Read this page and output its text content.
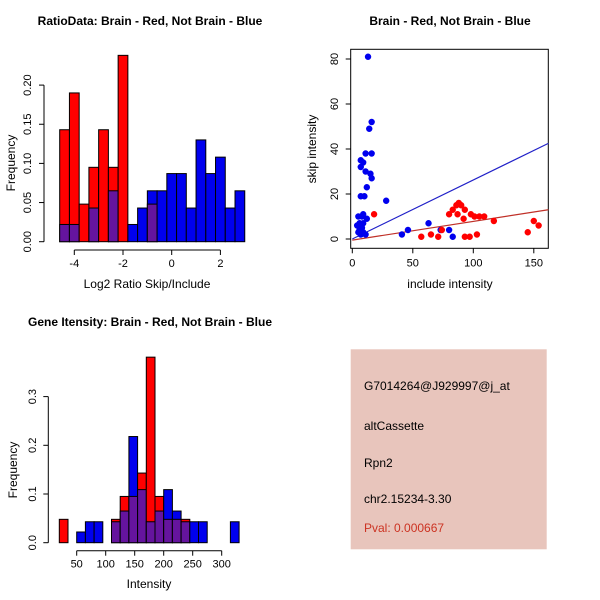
RatioData: Brain - Red, Not Brain - Blue
Log2 Ratio Skip/Include
Frequency
0.00
0.05
0.10
0.15
0.20
-4	-2	0	2
Brain - Red, Not Brain - Blue
include intensity
skip intensity
0
20
40
60
80
0	50	100	150
Gene Itensity: Brain - Red, Not Brain - Blue
Intensity
Frequency
0.0
0.1
0.2
0.3
50 100 150 200 250 300
G7014264@J929997@j_at
altCassette
Rpn2
chr2.15234-3.30
Pval: 0.000667
